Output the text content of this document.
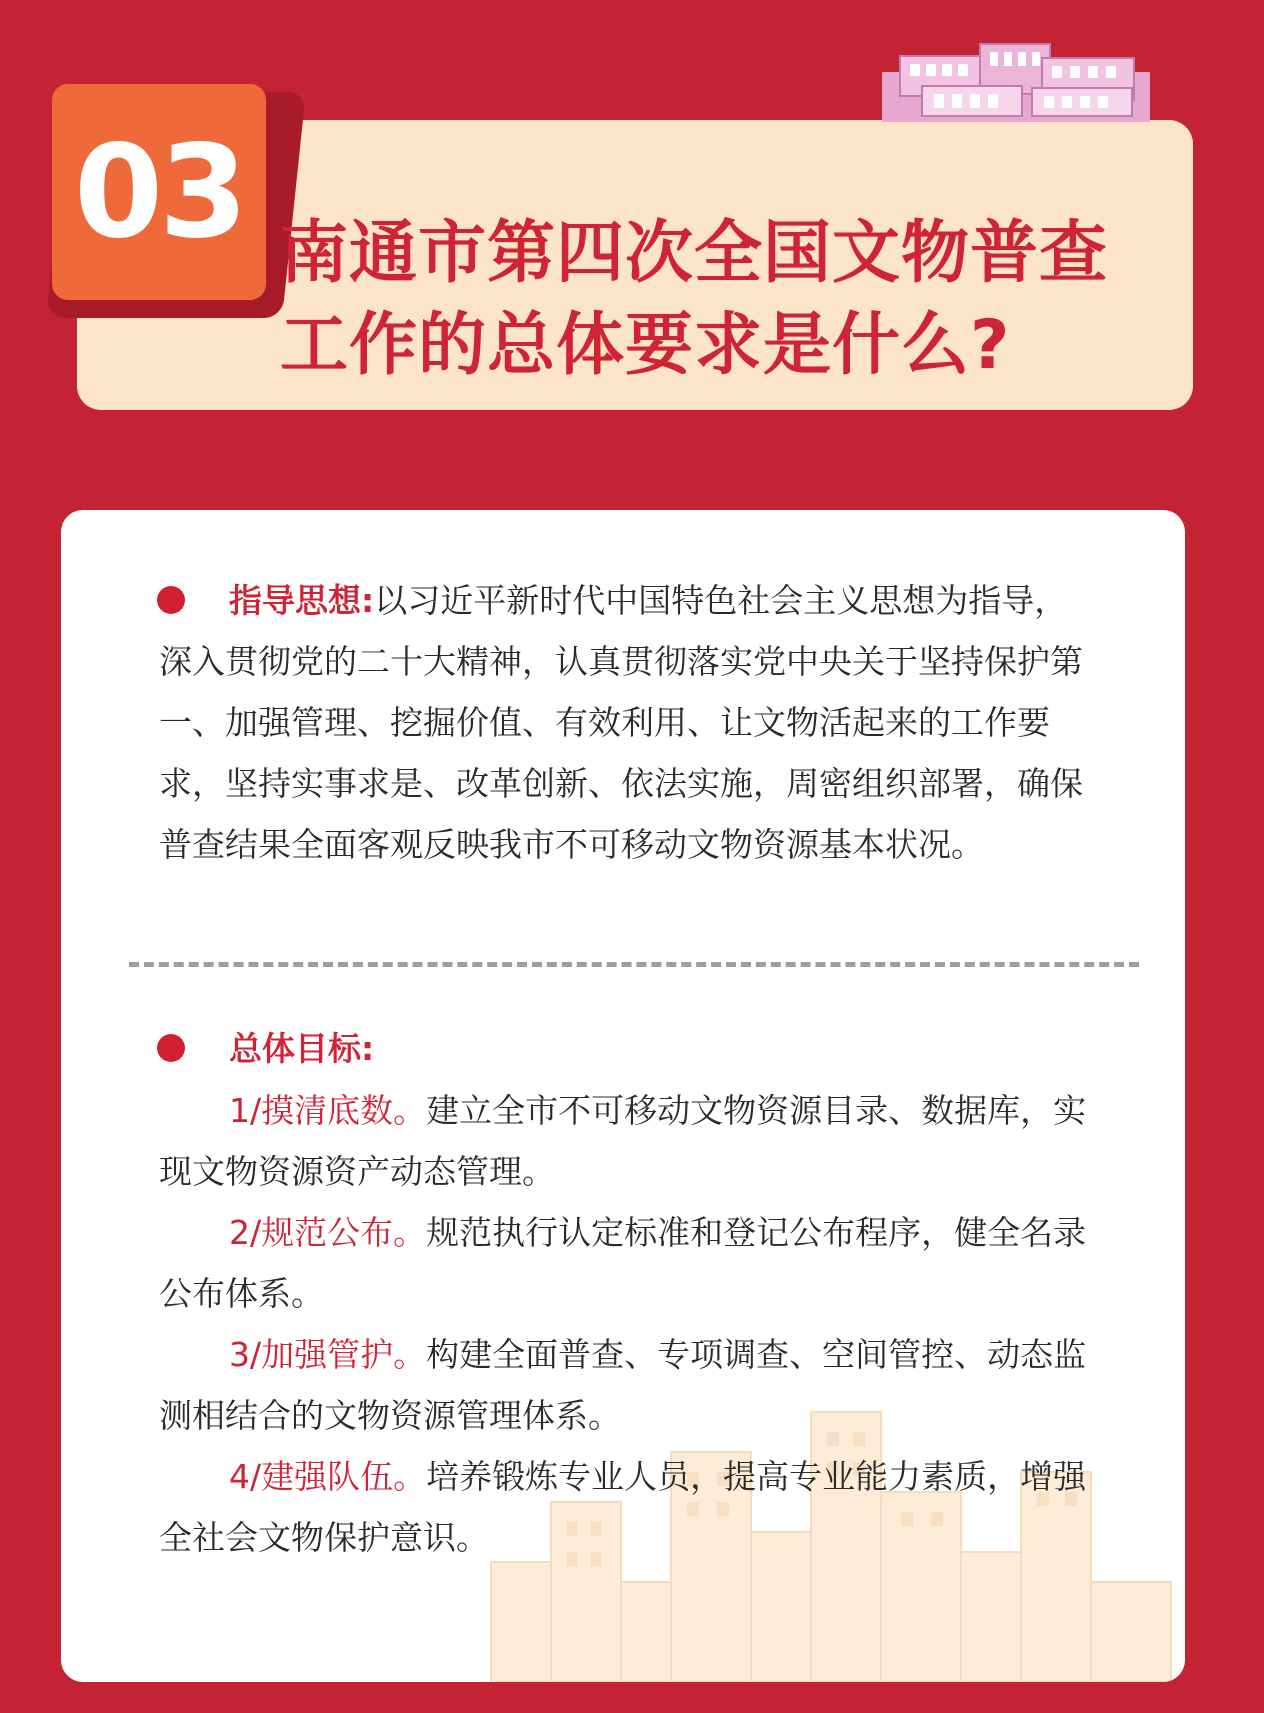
03 南通市第四次全国文物普查工作的总体要求是什么?

指导思想:以习近平新时代中国特色社会主义思想为指导，深入贯彻党的二十大精神，认真贯彻落实党中央关于坚持保护第一、加强管理、挖掘价值、有效利用、让文物活起来的工作要求，坚持实事求是、改革创新、依法实施，周密组织部署，确保普查结果全面客观反映我市不可移动文物资源基本状况。

总体目标:

1/摸清底数。建立全市不可移动文物资源目录、数据库，实现文物资源资产动态管理。

2/规范公布。规范执行认定标准和登记公布程序，健全名录公布体系。

3/加强管护。构建全面普查、专项调查、空间管控、动态监测相结合的文物资源管理体系。

4/建强队伍。培养锻炼专业人员，提高专业能力素质，增强全社会文物保护意识。
